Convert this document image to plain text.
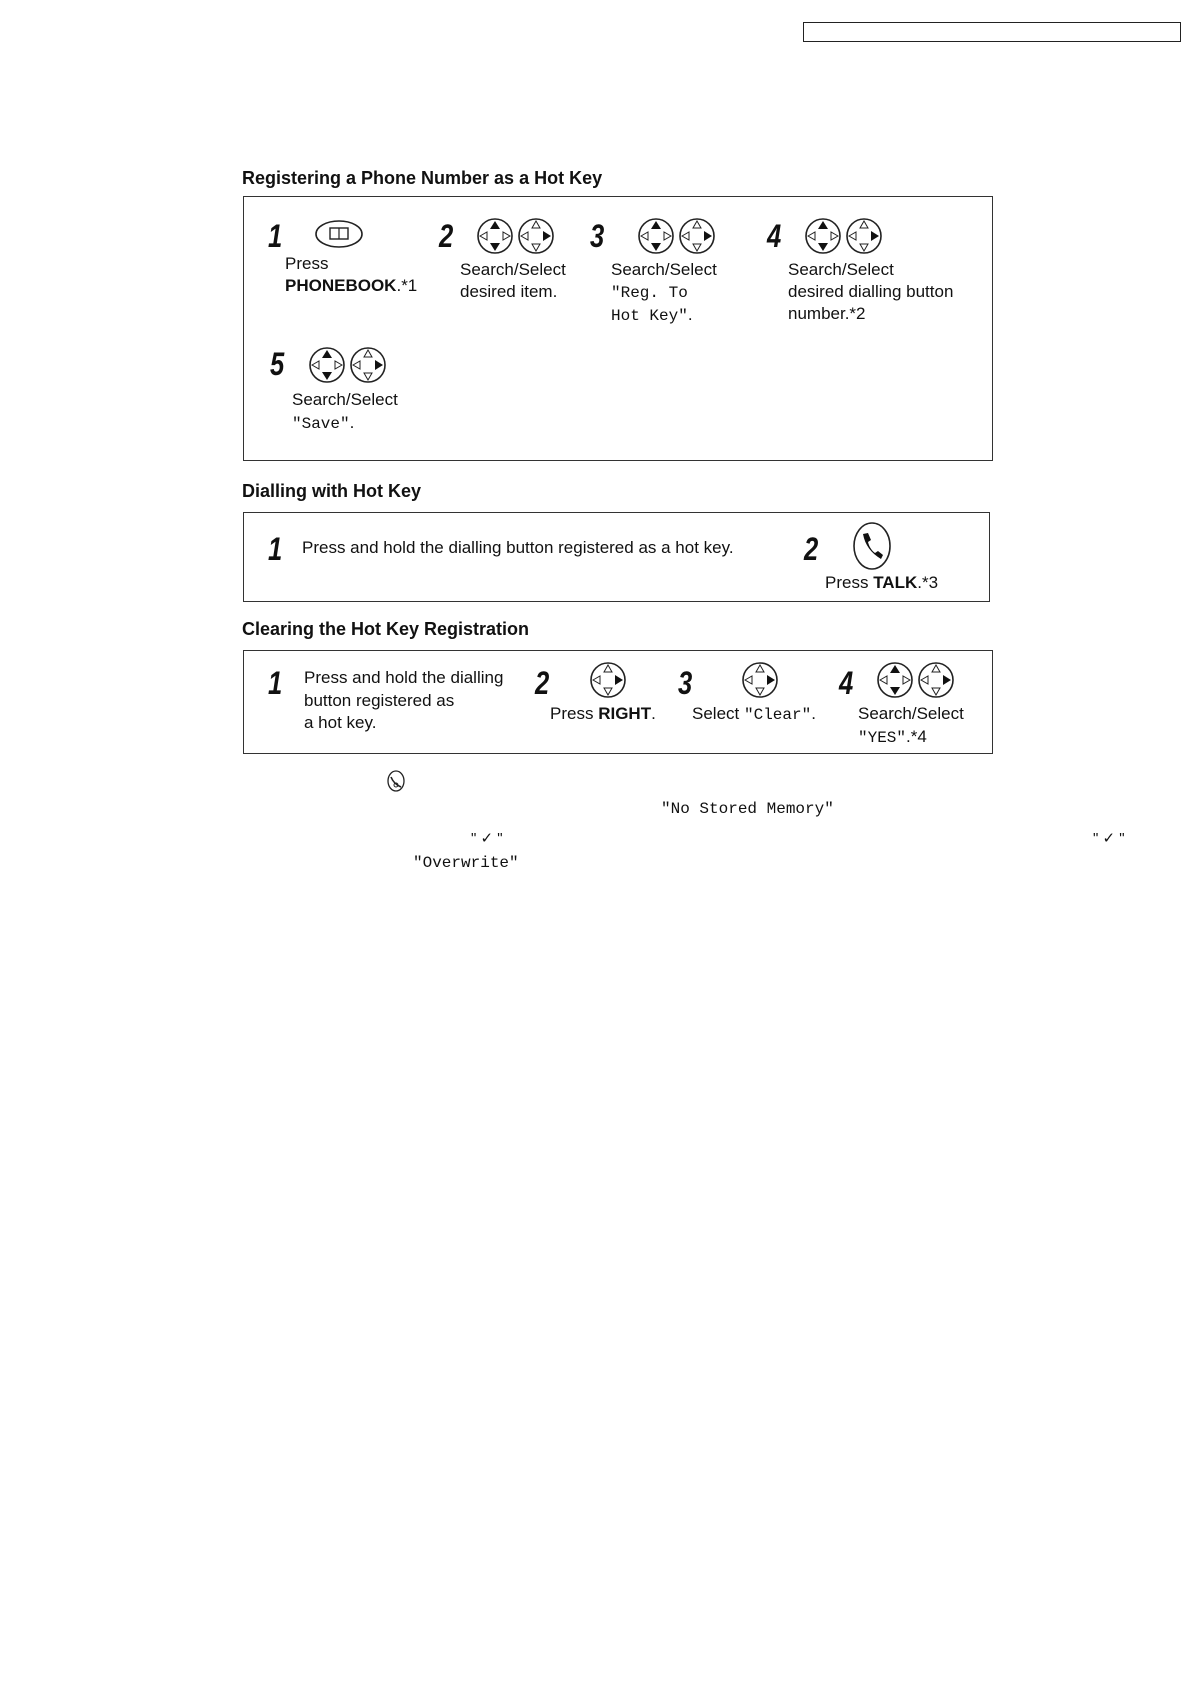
Registering a Phone Number as a Hot Key
1
Press
PHONEBOOK.*1
2
Search/Select
desired item.
3
Search/Select
"Reg. To
Hot Key".
4
Search/Select
desired dialling button
number.*2
5
Search/Select
"Save".
Dialling with Hot Key
1 Press and hold the dialling button registered as a hot key. 2
Press TALK.*3
Clearing the Hot Key Registration
1 Press and hold the dialling
button registered as
a hot key.
2
Press RIGHT.
3
Select "Clear".
4
Search/Select
"YES".*4
"No Stored Memory"
" ✓ "	" ✓ "
"Overwrite"
